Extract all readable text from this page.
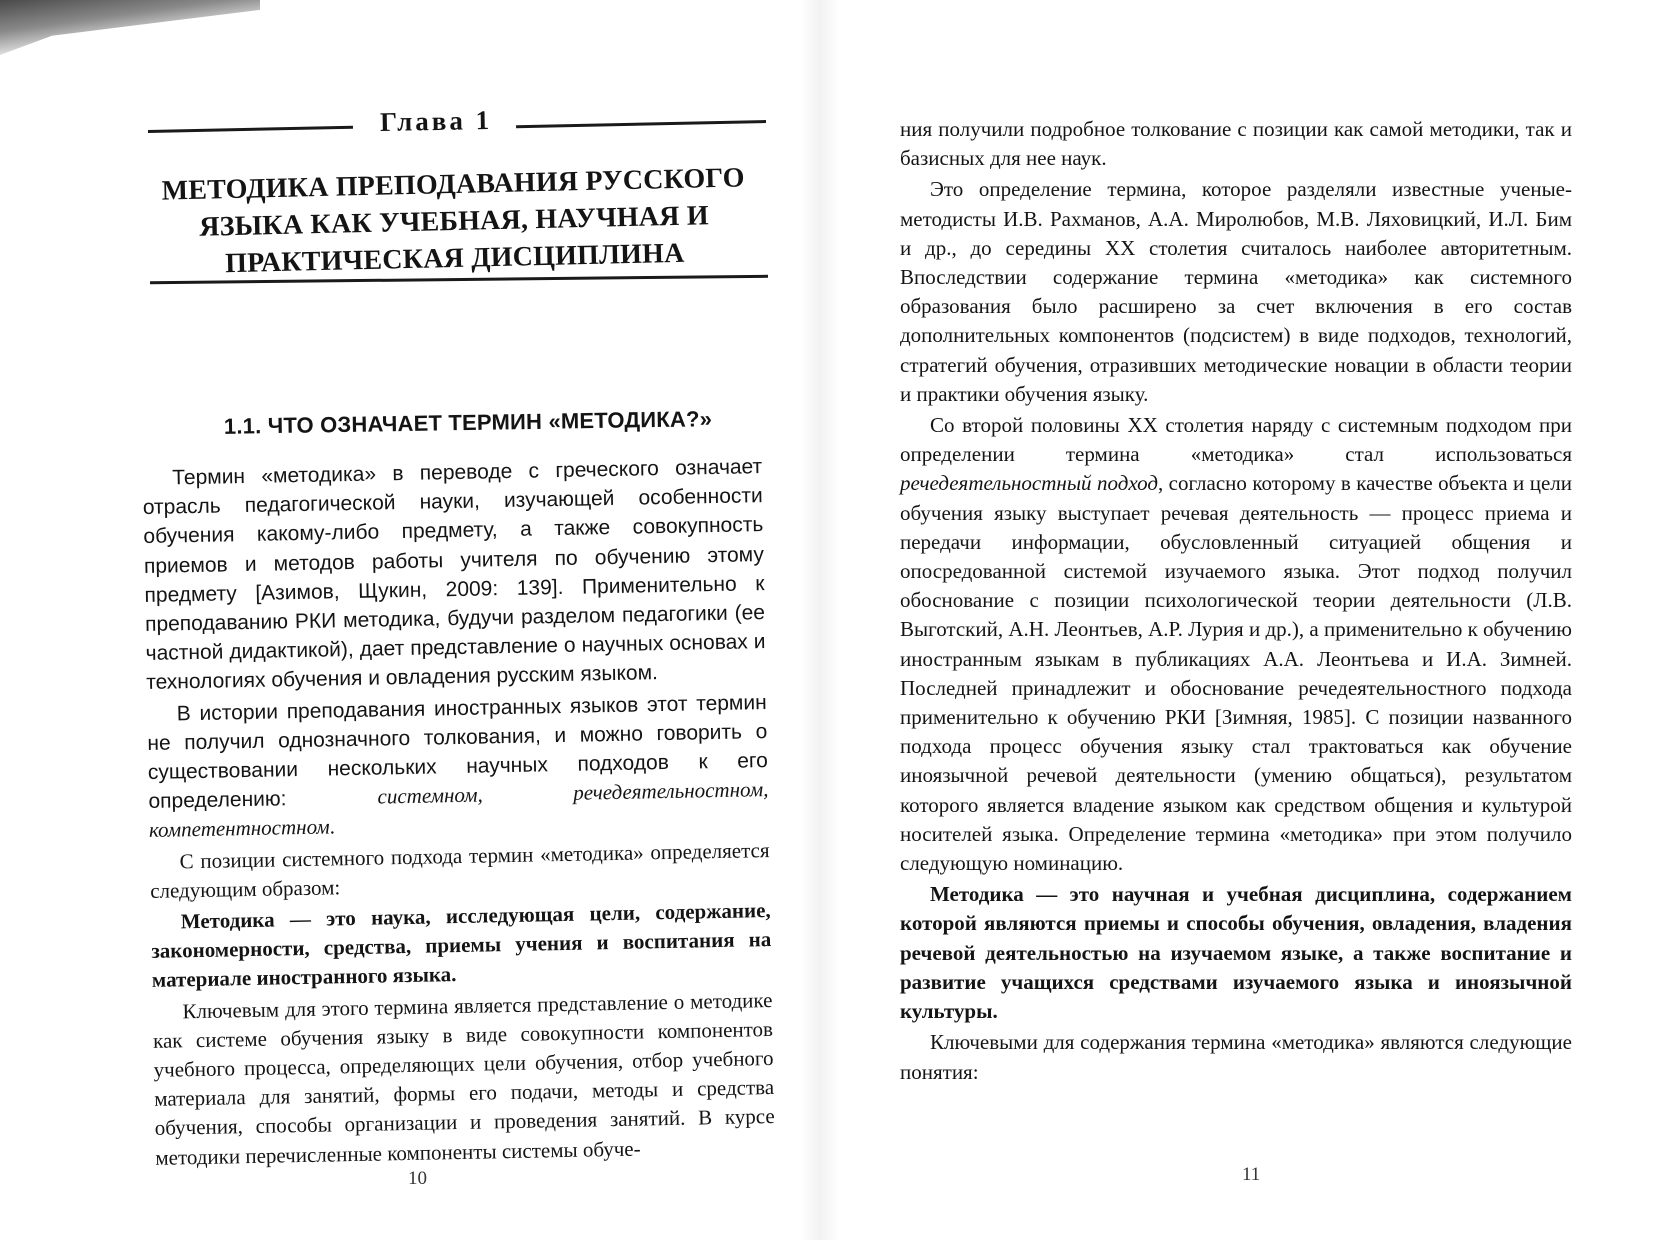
Глава 1
МЕТОДИКА ПРЕПОДАВАНИЯ РУССКОГО ЯЗЫКА КАК УЧЕБНАЯ, НАУЧНАЯ И ПРАКТИЧЕСКАЯ ДИСЦИПЛИНА
1.1. ЧТО ОЗНАЧАЕТ ТЕРМИН «МЕТОДИКА?»

Термин «методика» в переводе с греческого означает отрасль педагогической науки, изучающей особенности обучения какому-либо предмету, а также совокупность приемов и методов работы учителя по обучению этому предмету [Азимов, Щукин, 2009: 139]. Применительно к преподаванию РКИ методика, будучи разделом педагогики (ее частной дидактикой), дает представление о научных основах и технологиях обучения и овладения русским языком.

В истории преподавания иностранных языков этот термин не получил однозначного толкования, и можно говорить о существовании нескольких научных подходов к его определению: системном, речедеятельностном, компетентностном.

С позиции системного подхода термин «методика» определяется следующим образом:

Методика — это наука, исследующая цели, содержание, закономерности, средства, приемы учения и воспитания на материале иностранного языка.

Ключевым для этого термина является представление о методике как системе обучения языку в виде совокупности компонентов учебного процесса, определяющих цели обучения, отбор учебного материала для занятий, формы его подачи, методы и средства обучения, способы организации и проведения занятий. В курсе методики перечисленные компоненты системы обуче-

10

ния получили подробное толкование с позиции как самой методики, так и базисных для нее наук.

Это определение термина, которое разделяли известные ученые-методисты И.В. Рахманов, А.А. Миролюбов, М.В. Ляховицкий, И.Л. Бим и др., до середины XX столетия считалось наиболее авторитетным. Впоследствии содержание термина «методика» как системного образования было расширено за счет включения в его состав дополнительных компонентов (подсистем) в виде подходов, технологий, стратегий обучения, отразивших методические новации в области теории и практики обучения языку.

Со второй половины XX столетия наряду с системным подходом при определении термина «методика» стал использоваться речедеятельностный подход, согласно которому в качестве объекта и цели обучения языку выступает речевая деятельность — процесс приема и передачи информации, обусловленный ситуацией общения и опосредованной системой изучаемого языка. Этот подход получил обоснование с позиции психологической теории деятельности (Л.В. Выготский, А.Н. Леонтьев, А.Р. Лурия и др.), а применительно к обучению иностранным языкам в публикациях А.А. Леонтьева и И.А. Зимней. Последней принадлежит и обоснование речедеятельностного подхода применительно к обучению РКИ [Зимняя, 1985]. С позиции названного подхода процесс обучения языку стал трактоваться как обучение иноязычной речевой деятельности (умению общаться), результатом которого является владение языком как средством общения и культурой носителей языка. Определение термина «методика» при этом получило следующую номинацию.

Методика — это научная и учебная дисциплина, содержанием которой являются приемы и способы обучения, овладения, владения речевой деятельностью на изучаемом языке, а также воспитание и развитие учащихся средствами изучаемого языка и иноязычной культуры.

Ключевыми для содержания термина «методика» являются следующие понятия:

11
